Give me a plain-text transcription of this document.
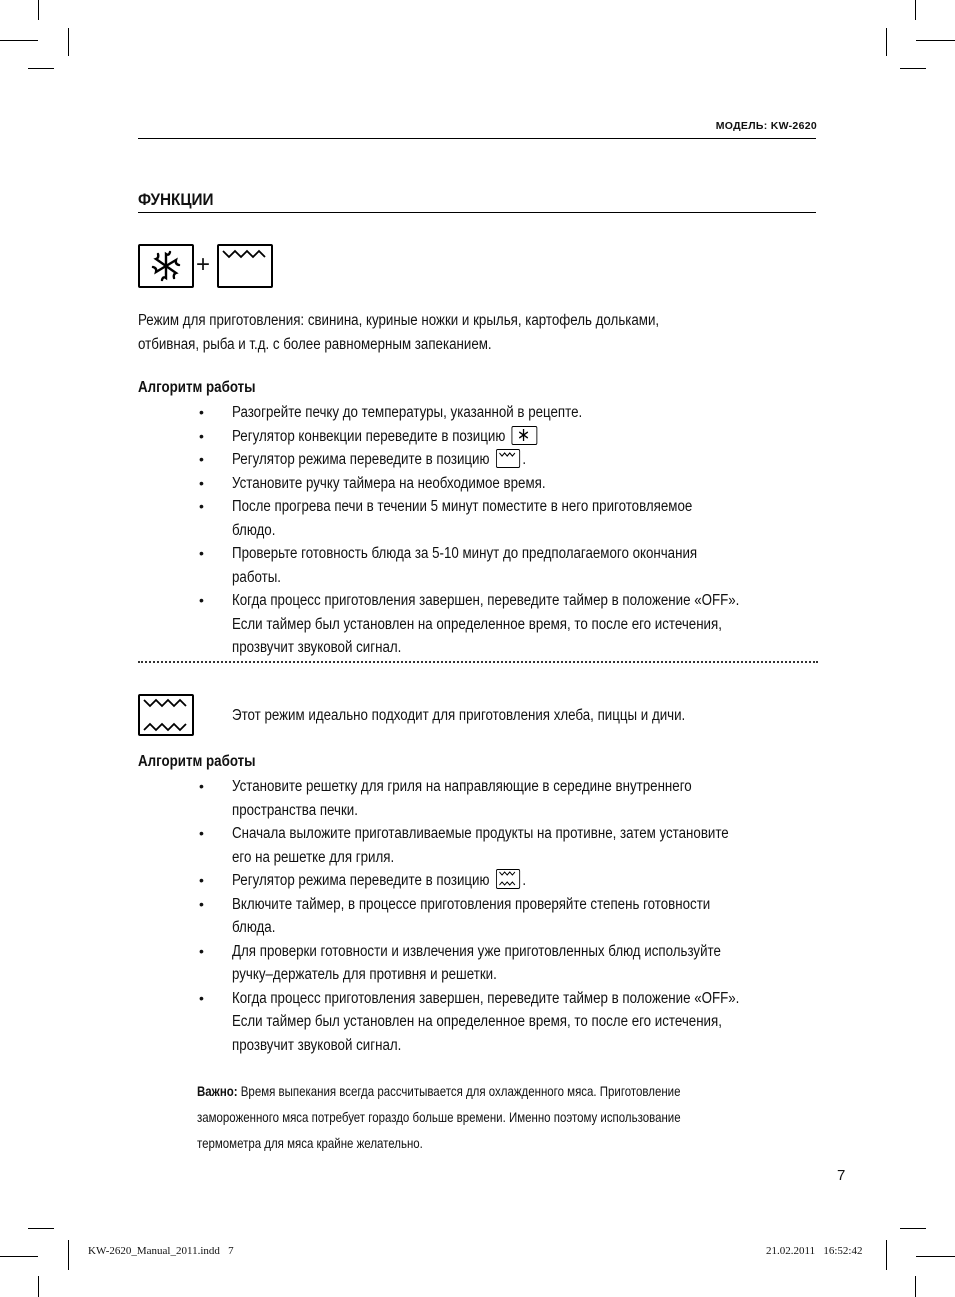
МОДЕЛЬ: KW-2620
ФУНКЦИИ
+
Режим для приготовления: свинина, куриные ножки и крылья, картофель дольками,
отбивная, рыба и т.д. с более равномерным запеканием.
Алгоритм работы
• Разогрейте печку до температуры, указанной в рецепте.
• Регулятор конвекции переведите в позицию
• Регулятор режима переведите в позицию .
• Установите ручку таймера на необходимое время.
• После прогрева печи в течении 5 минут поместите в него приготовляемое
блюдо.
• Проверьте готовность блюда за 5-10 минут до предполагаемого окончания
работы.
• Когда процесс приготовления завершен, переведите таймер в положение «OFF».
Если таймер был установлен на определенное время, то после его истечения,
прозвучит звуковой сигнал.
Этот режим идеально подходит для приготовления хлеба, пиццы и дичи.
Алгоритм работы
• Установите решетку для гриля на направляющие в середине внутреннего
пространства печки.
• Сначала выложите приготавливаемые продукты на противне, затем установите
его на решетке для гриля.
• Регулятор режима переведите в позицию .
• Включите таймер, в процессе приготовления проверяйте степень готовности
блюда.
• Для проверки готовности и извлечения уже приготовленных блюд используйте
ручку–держатель для противня и решетки.
• Когда процесс приготовления завершен, переведите таймер в положение «OFF».
Если таймер был установлен на определенное время, то после его истечения,
прозвучит звуковой сигнал.
Важно: Время выпекания всегда рассчитывается для охлажденного мяса. Приготовление
замороженного мяса потребует гораздо больше времени. Именно поэтому использование
термометра для мяса крайне желательно.
7
KW-2620_Manual_2011.indd   7	21.02.2011   16:52:42
